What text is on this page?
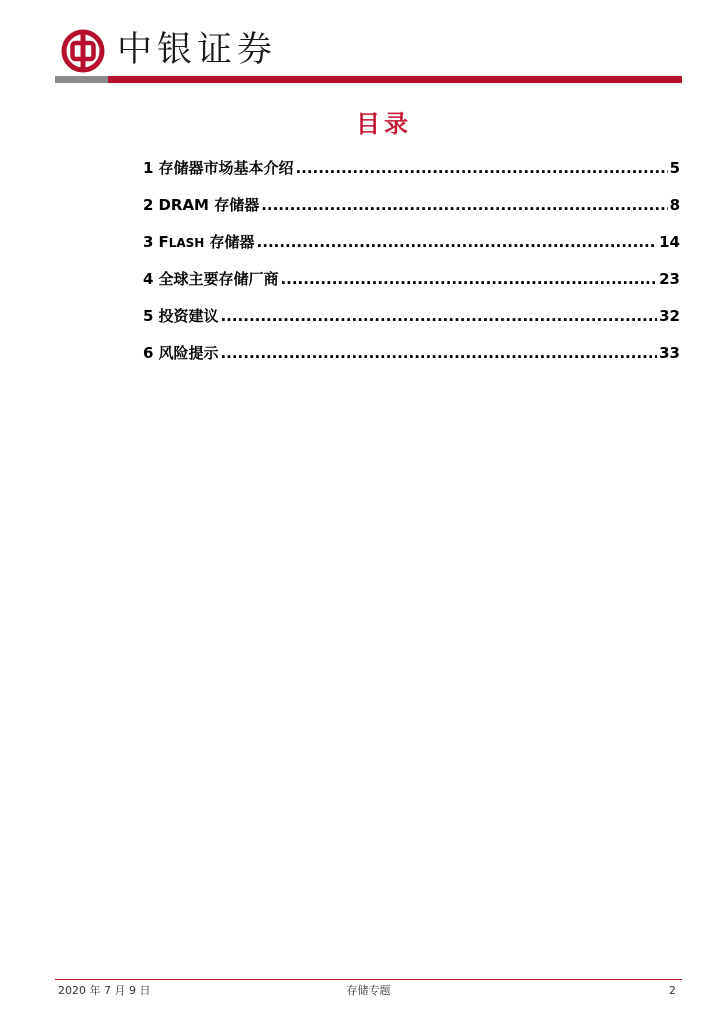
中银证券
目录
1 存储器市场基本介绍 .....	5
2 DRAM 存储器 .....	8
3 FLASH 存储器 .....	14
4 全球主要存储厂商 .....	23
5 投资建议 .....	32
6 风险提示 .....	33
2020 年 7 月 9 日	存储专题	2
